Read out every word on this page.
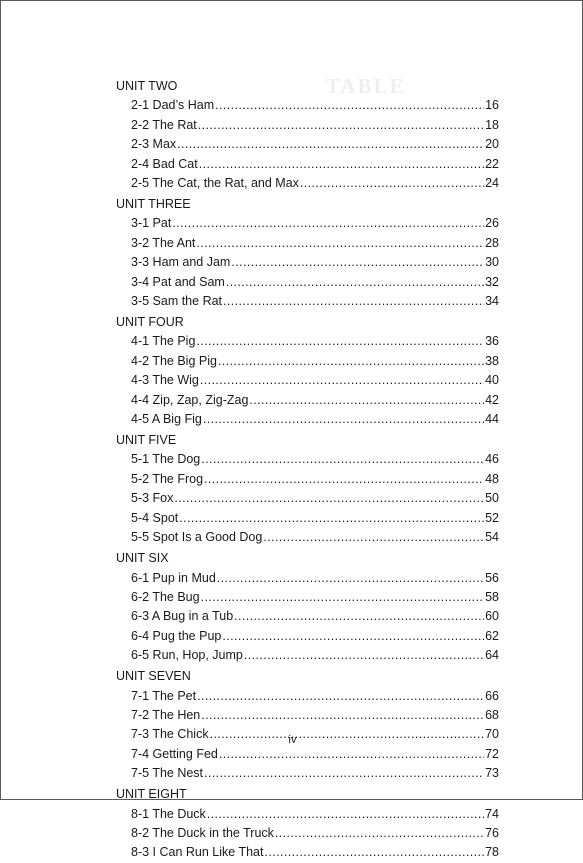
TABLE
UNIT TWO
2-1 Dad’s Ham .....	16
2-2 The Rat .....	18
2-3 Max .....	20
2-4 Bad Cat .....	22
2-5 The Cat, the Rat, and Max .....	24
UNIT THREE
3-1 Pat .....	26
3-2 The Ant .....	28
3-3 Ham and Jam .....	30
3-4 Pat and Sam .....	32
3-5 Sam the Rat .....	34
UNIT FOUR
4-1 The Pig .....	36
4-2 The Big Pig .....	38
4-3 The Wig .....	40
4-4 Zip, Zap, Zig-Zag .....	42
4-5 A Big Fig .....	44
UNIT FIVE
5-1 The Dog .....	46
5-2 The Frog .....	48
5-3 Fox .....	50
5-4 Spot .....	52
5-5 Spot Is a Good Dog .....	54
UNIT SIX
6-1 Pup in Mud .....	56
6-2 The Bug .....	58
6-3 A Bug in a Tub .....	60
6-4 Pug the Pup .....	62
6-5 Run, Hop, Jump .....	64
UNIT SEVEN
7-1 The Pet .....	66
7-2 The Hen .....	68
7-3 The Chick .....	70
7-4 Getting Fed .....	72
7-5 The Nest .....	73
UNIT EIGHT
8-1 The Duck .....	74
8-2 The Duck in the Truck .....	76
8-3 I Can Run Like That .....	78
iv
